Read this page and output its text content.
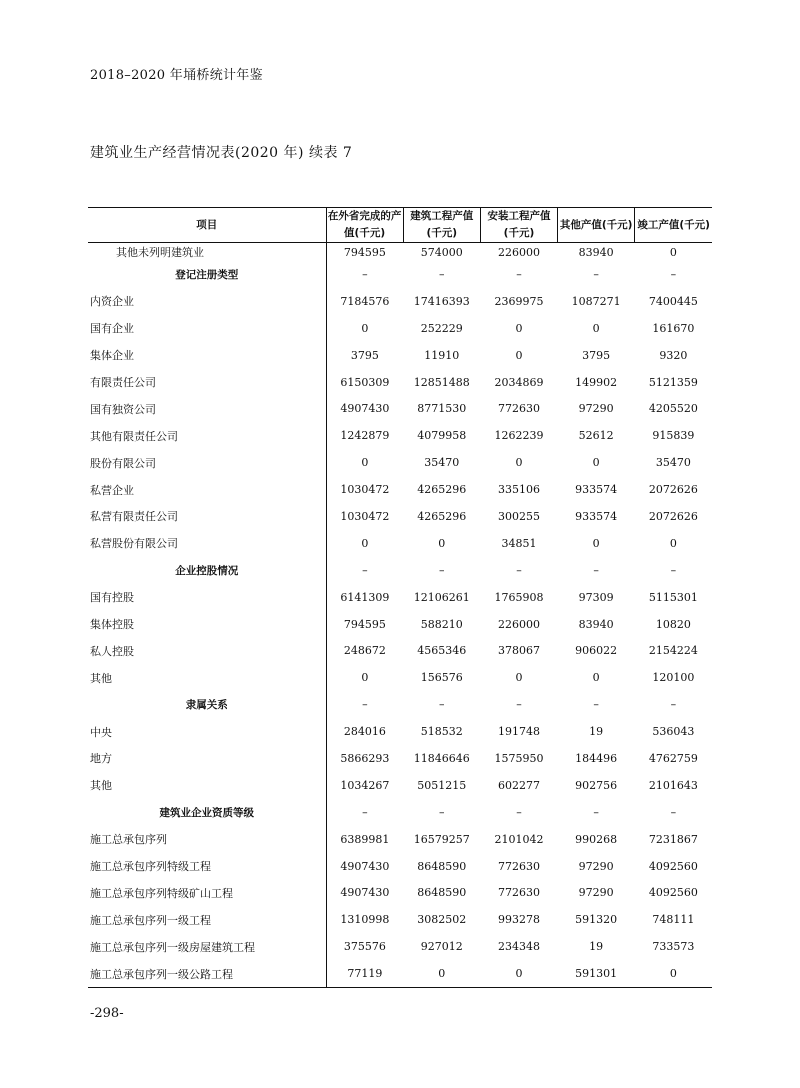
2018–2020 年埇桥统计年鉴
建筑业生产经营情况表(2020 年) 续表 7
项目	在外省完成的产值(千元)	建筑工程产值(千元)	安装工程产值(千元)	其他产值(千元)	竣工产值(千元)
其他未列明建筑业	794595	574000	226000	83940	0
登记注册类型	–	–	–	–	–
内资企业	7184576	17416393	2369975	1087271	7400445
国有企业	0	252229	0	0	161670
集体企业	3795	11910	0	3795	9320
有限责任公司	6150309	12851488	2034869	149902	5121359
国有独资公司	4907430	8771530	772630	97290	4205520
其他有限责任公司	1242879	4079958	1262239	52612	915839
股份有限公司	0	35470	0	0	35470
私营企业	1030472	4265296	335106	933574	2072626
私营有限责任公司	1030472	4265296	300255	933574	2072626
私营股份有限公司	0	0	34851	0	0
企业控股情况	–	–	–	–	–
国有控股	6141309	12106261	1765908	97309	5115301
集体控股	794595	588210	226000	83940	10820
私人控股	248672	4565346	378067	906022	2154224
其他	0	156576	0	0	120100
隶属关系	–	–	–	–	–
中央	284016	518532	191748	19	536043
地方	5866293	11846646	1575950	184496	4762759
其他	1034267	5051215	602277	902756	2101643
建筑业企业资质等级	–	–	–	–	–
施工总承包序列	6389981	16579257	2101042	990268	7231867
施工总承包序列特级工程	4907430	8648590	772630	97290	4092560
施工总承包序列特级矿山工程	4907430	8648590	772630	97290	4092560
施工总承包序列一级工程	1310998	3082502	993278	591320	748111
施工总承包序列一级房屋建筑工程	375576	927012	234348	19	733573
施工总承包序列一级公路工程	77119	0	0	591301	0
-298-
